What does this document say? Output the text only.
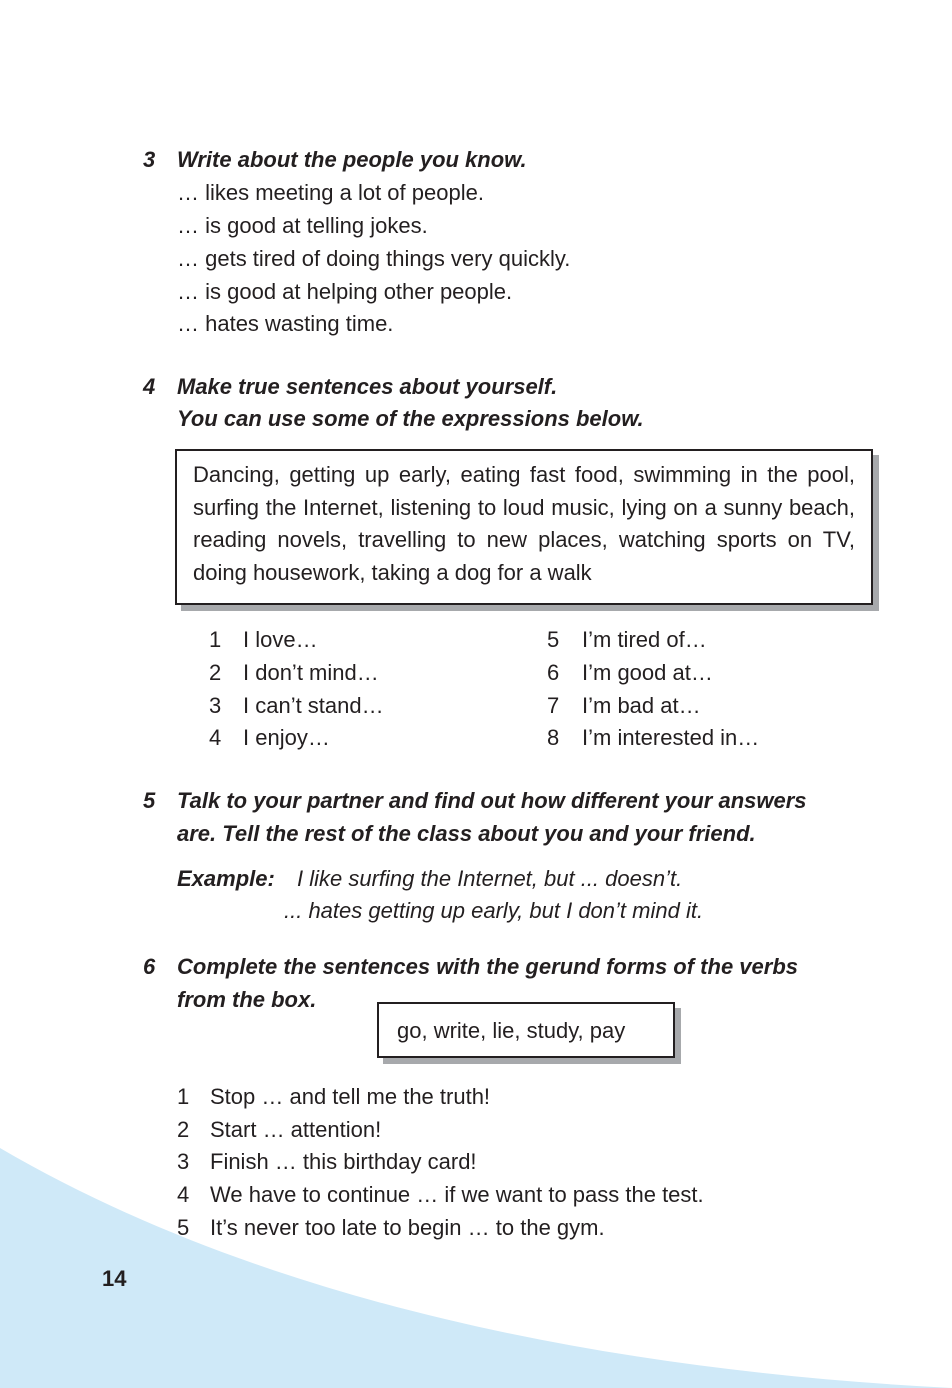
3 Write about the people you know.
… likes meeting a lot of people.
… is good at telling jokes.
… gets tired of doing things very quickly.
… is good at helping other people.
… hates wasting time.
4 Make true sentences about yourself.
You can use some of the expressions below.
Dancing, getting up early, eating fast food, swimming in the pool, surfing the Internet, listening to loud music, lying on a sunny beach, reading novels, travelling to new places, watching sports on TV, doing housework, taking a dog for a walk
1 I love…
2 I don’t mind…
3 I can’t stand…
4 I enjoy…
5 I’m tired of…
6 I’m good at…
7 I’m bad at…
8 I’m interested in…
5 Talk to your partner and find out how different your answers
are. Tell the rest of the class about you and your friend.
Example: I like surfing the Internet, but ... doesn’t.
... hates getting up early, but I don’t mind it.
6 Complete the sentences with the gerund forms of the verbs
from the box.
go, write, lie, study, pay
1 Stop … and tell me the truth!
2 Start … attention!
3 Finish … this birthday card!
4 We have to continue … if we want to pass the test.
5 It’s never too late to begin … to the gym.
14
